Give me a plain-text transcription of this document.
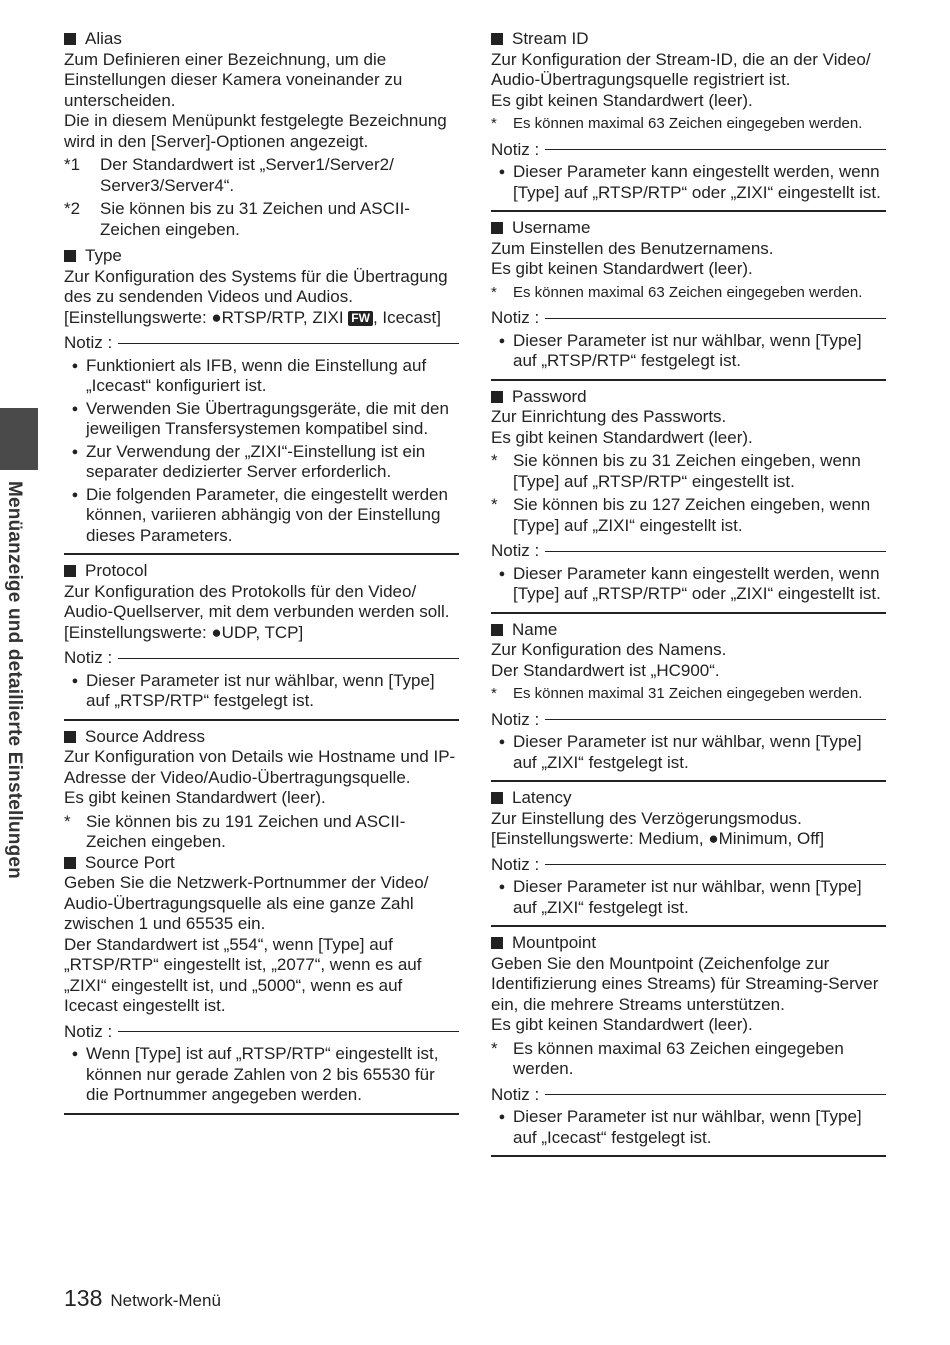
Menüanzeige und detaillierte Einstellungen
Alias
Zum Definieren einer Bezeichnung, um die Einstellungen dieser Kamera voneinander zu unterscheiden.
Die in diesem Menüpunkt festgelegte Bezeichnung wird in den [Server]-Optionen angezeigt.
*1	Der Standardwert ist „Server1/Server2/ Server3/Server4“.
*2	Sie können bis zu 31 Zeichen und ASCII-Zeichen eingeben.
Type
Zur Konfiguration des Systems für die Übertragung des zu sendenden Videos und Audios.
[Einstellungswerte: ●RTSP/RTP, ZIXI FW , Icecast]
Notiz :
● Funktioniert als IFB, wenn die Einstellung auf „Icecast“ konfiguriert ist.
● Verwenden Sie Übertragungsgeräte, die mit den jeweiligen Transfersystemen kompatibel sind.
● Zur Verwendung der „ZIXI“-Einstellung ist ein separater dedizierter Server erforderlich.
● Die folgenden Parameter, die eingestellt werden können, variieren abhängig von der Einstellung dieses Parameters.
Protocol
Zur Konfiguration des Protokolls für den Video/ Audio-Quellserver, mit dem verbunden werden soll.
[Einstellungswerte: ●UDP, TCP]
Notiz :
● Dieser Parameter ist nur wählbar, wenn [Type] auf „RTSP/RTP“ festgelegt ist.
Source Address
Zur Konfiguration von Details wie Hostname und IP-Adresse der Video/Audio-Übertragungsquelle.
Es gibt keinen Standardwert (leer).
* Sie können bis zu 191 Zeichen und ASCII-Zeichen eingeben.
Source Port
Geben Sie die Netzwerk-Portnummer der Video/ Audio-Übertragungsquelle als eine ganze Zahl zwischen 1 und 65535 ein.
Der Standardwert ist „554“, wenn [Type] auf „RTSP/RTP“ eingestellt ist, „2077“, wenn es auf „ZIXI“ eingestellt ist, und „5000“, wenn es auf Icecast eingestellt ist.
Notiz :
● Wenn [Type] ist auf „RTSP/RTP“ eingestellt ist, können nur gerade Zahlen von 2 bis 65530 für die Portnummer angegeben werden.
Stream ID
Zur Konfiguration der Stream-ID, die an der Video/ Audio-Übertragungsquelle registriert ist.
Es gibt keinen Standardwert (leer).
*	Es können maximal 63 Zeichen eingegeben werden.
Notiz :
● Dieser Parameter kann eingestellt werden, wenn [Type] auf „RTSP/RTP“ oder „ZIXI“ eingestellt ist.
Username
Zum Einstellen des Benutzernamens.
Es gibt keinen Standardwert (leer).
*	Es können maximal 63 Zeichen eingegeben werden.
Notiz :
● Dieser Parameter ist nur wählbar, wenn [Type] auf „RTSP/RTP“ festgelegt ist.
Password
Zur Einrichtung des Passworts.
Es gibt keinen Standardwert (leer).
* Sie können bis zu 31 Zeichen eingeben, wenn [Type] auf „RTSP/RTP“ eingestellt ist.
* Sie können bis zu 127 Zeichen eingeben, wenn [Type] auf „ZIXI“ eingestellt ist.
Notiz :
● Dieser Parameter kann eingestellt werden, wenn [Type] auf „RTSP/RTP“ oder „ZIXI“ eingestellt ist.
Name
Zur Konfiguration des Namens.
Der Standardwert ist „HC900“.
*	Es können maximal 31 Zeichen eingegeben werden.
Notiz :
● Dieser Parameter ist nur wählbar, wenn [Type] auf „ZIXI“ festgelegt ist.
Latency
Zur Einstellung des Verzögerungsmodus.
[Einstellungswerte: Medium, ●Minimum, Off]
Notiz :
● Dieser Parameter ist nur wählbar, wenn [Type] auf „ZIXI“ festgelegt ist.
Mountpoint
Geben Sie den Mountpoint (Zeichenfolge zur Identifizierung eines Streams) für Streaming-Server ein, die mehrere Streams unterstützen.
Es gibt keinen Standardwert (leer).
* Es können maximal 63 Zeichen eingegeben werden.
Notiz :
● Dieser Parameter ist nur wählbar, wenn [Type] auf „Icecast“ festgelegt ist.
138 Network-Menü
